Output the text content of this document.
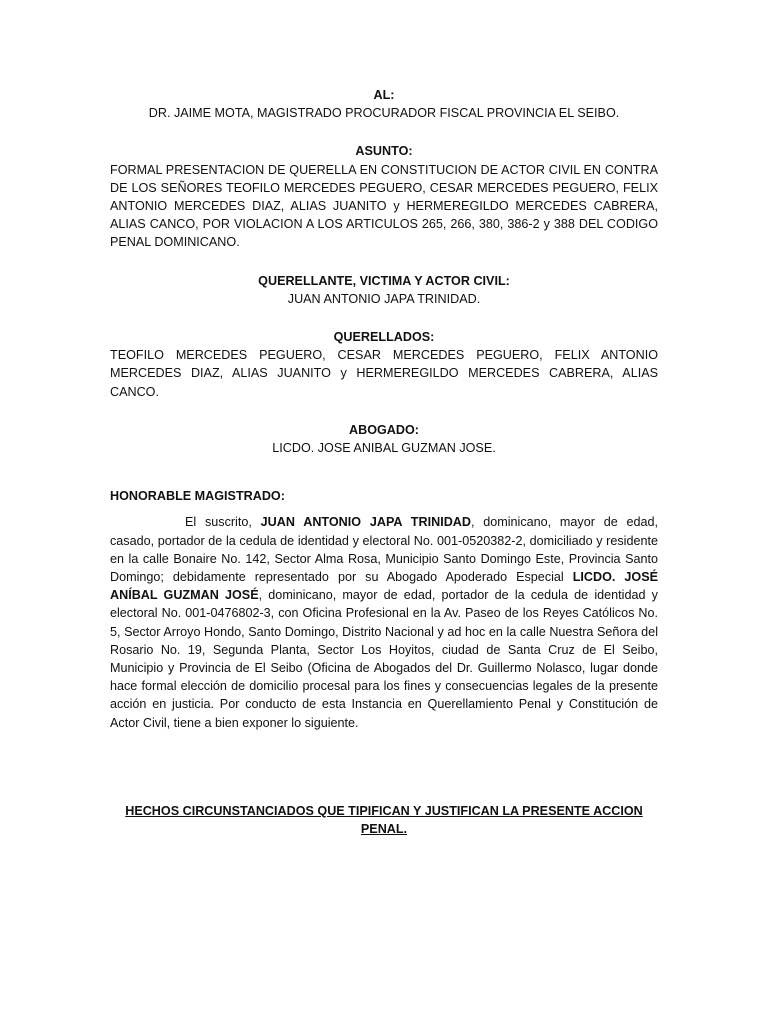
AL:

DR. JAIME MOTA, MAGISTRADO PROCURADOR FISCAL PROVINCIA EL SEIBO.

ASUNTO:

FORMAL PRESENTACION DE QUERELLA EN CONSTITUCION DE ACTOR CIVIL EN CONTRA DE LOS SEÑORES TEOFILO MERCEDES PEGUERO, CESAR MERCEDES PEGUERO, FELIX ANTONIO MERCEDES DIAZ, ALIAS JUANITO y HERMEREGILDO MERCEDES CABRERA, ALIAS CANCO, POR VIOLACION A LOS ARTICULOS 265, 266, 380, 386-2 y 388 DEL CODIGO PENAL DOMINICANO.

QUERELLANTE, VICTIMA Y ACTOR CIVIL:

JUAN ANTONIO JAPA TRINIDAD.

QUERELLADOS:

TEOFILO MERCEDES PEGUERO, CESAR MERCEDES PEGUERO, FELIX ANTONIO MERCEDES DIAZ, ALIAS JUANITO y HERMEREGILDO MERCEDES CABRERA, ALIAS CANCO.

ABOGADO:

LICDO. JOSE ANIBAL GUZMAN JOSE.

HONORABLE MAGISTRADO:

El suscrito, JUAN ANTONIO JAPA TRINIDAD, dominicano, mayor de edad, casado, portador de la cedula de identidad y electoral No. 001-0520382-2, domiciliado y residente en la calle Bonaire No. 142, Sector Alma Rosa, Municipio Santo Domingo Este, Provincia Santo Domingo; debidamente representado por su Abogado Apoderado Especial LICDO. JOSÉ ANÍBAL GUZMAN JOSÉ, dominicano, mayor de edad, portador de la cedula de identidad y electoral No. 001-0476802-3, con Oficina Profesional en la Av. Paseo de los Reyes Católicos No. 5, Sector Arroyo Hondo, Santo Domingo, Distrito Nacional y ad hoc en la calle Nuestra Señora del Rosario No. 19, Segunda Planta, Sector Los Hoyitos, ciudad de Santa Cruz de El Seibo, Municipio y Provincia de El Seibo (Oficina de Abogados del Dr. Guillermo Nolasco, lugar donde hace formal elección de domicilio procesal para los fines y consecuencias legales de la presente acción en justicia. Por conducto de esta Instancia en Querellamiento Penal y Constitución de Actor Civil, tiene a bien exponer lo siguiente.

HECHOS CIRCUNSTANCIADOS QUE TIPIFICAN Y JUSTIFICAN LA PRESENTE ACCION PENAL.
